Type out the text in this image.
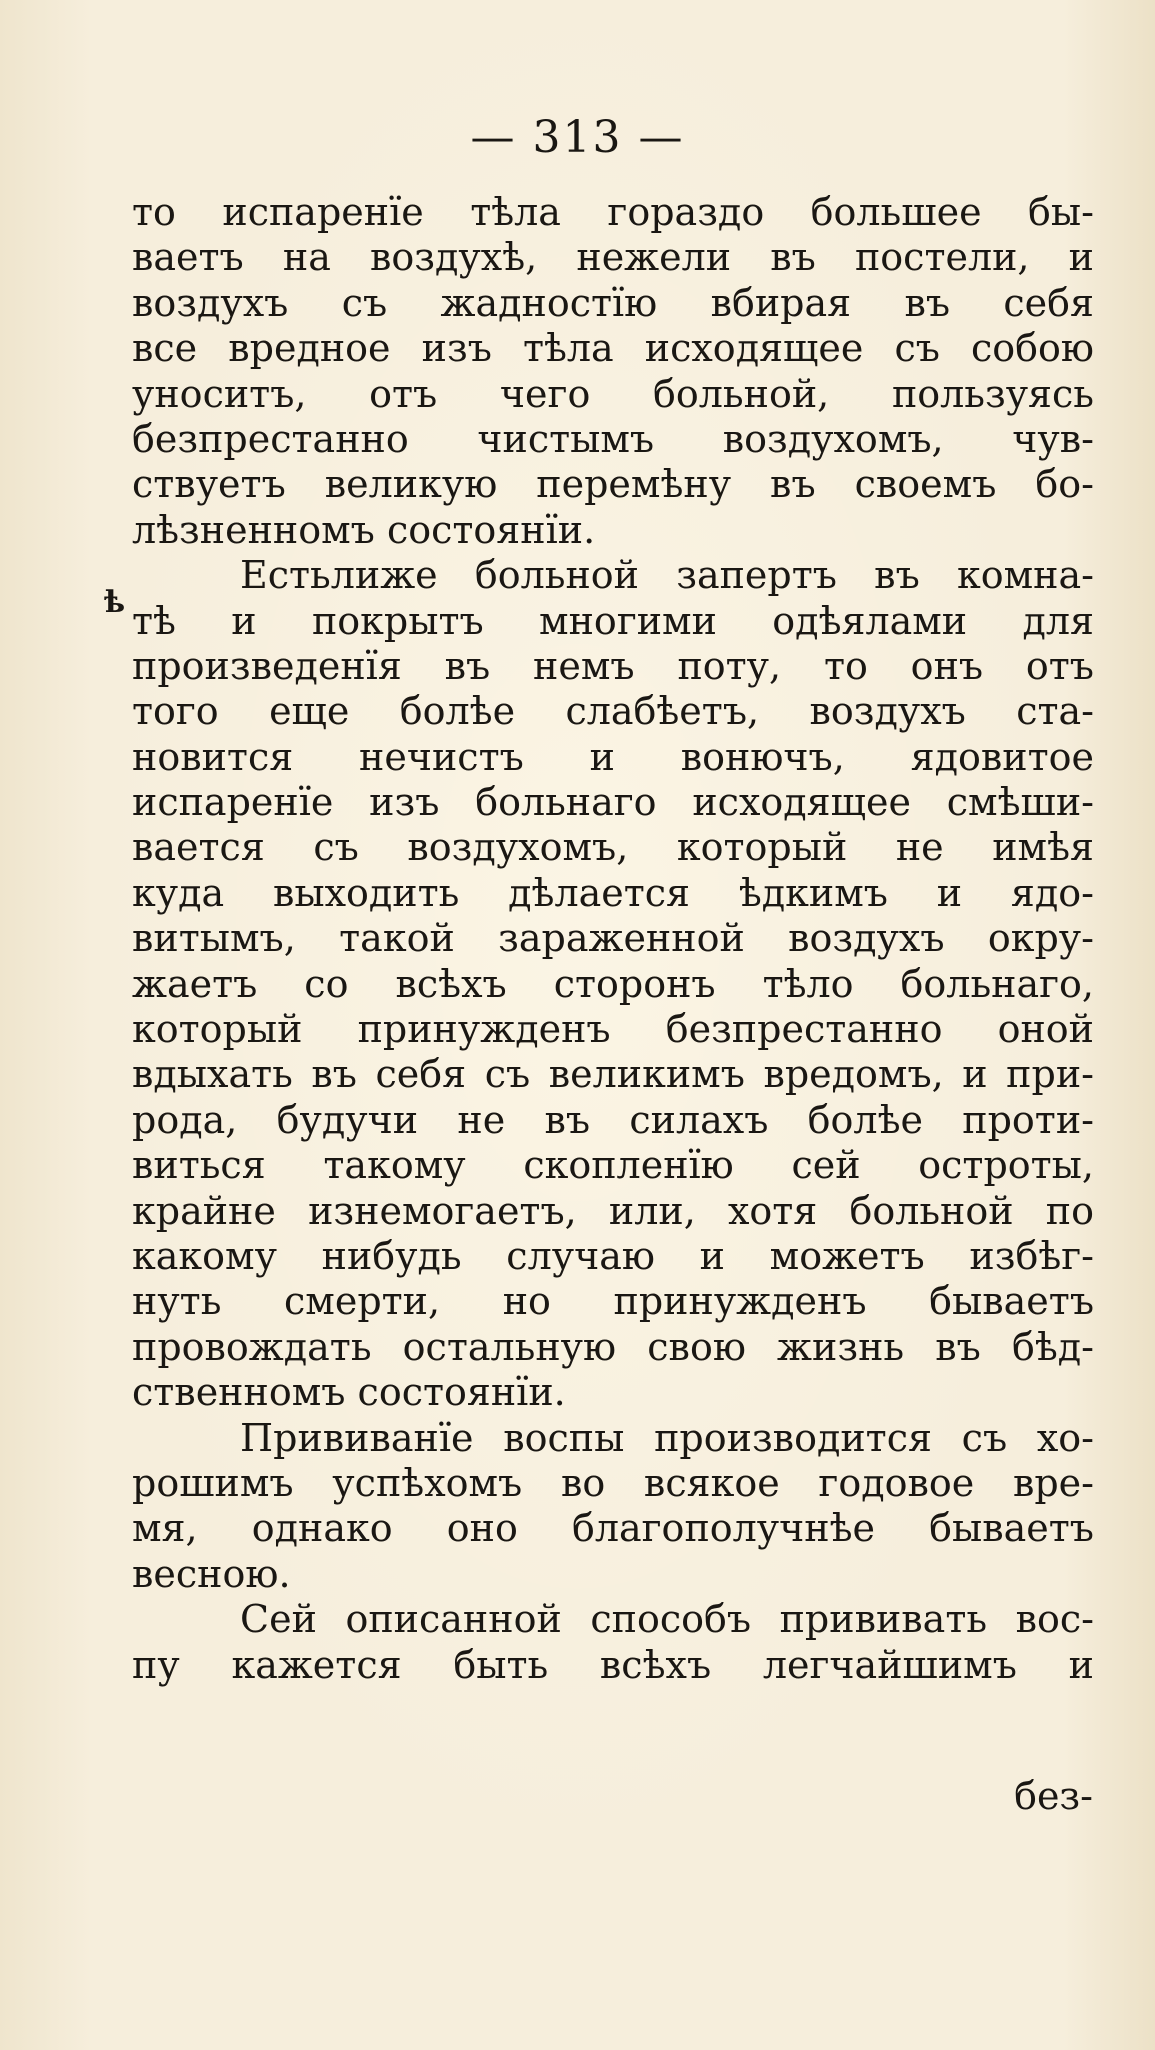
— 313 —
ѣ
то испаренїе тѣла гораздо большее бы-
ваетъ на воздухѣ, нежели въ постели, и
воздухъ съ жадностїю вбирая въ себя
все вредное изъ тѣла исходящее съ собою
уноситъ, отъ чего больной, пользуясь
безпрестанно чистымъ воздухомъ, чув-
ствуетъ великую перемѣну въ своемъ бо-
лѣзненномъ состоянїи.
Естьлиже больной запертъ въ комна-
тѣ и покрытъ многими одѣялами для
произведенїя въ немъ поту, то онъ отъ
того еще болѣе слабѣетъ, воздухъ ста-
новится нечистъ и вонючъ, ядовитое
испаренїе изъ больнаго исходящее смѣши-
вается съ воздухомъ, который не имѣя
куда выходить дѣлается ѣдкимъ и ядо-
витымъ, такой зараженной воздухъ окру-
жаетъ со всѣхъ сторонъ тѣло больнаго,
который принужденъ безпрестанно оной
вдыхать въ себя съ великимъ вредомъ, и при-
рода, будучи не въ силахъ болѣе проти-
виться такому скопленїю сей остроты,
крайне изнемогаетъ, или, хотя больной по
какому нибудь случаю и можетъ избѣг-
нуть смерти, но принужденъ бываетъ
провождать остальную свою жизнь въ бѣд-
ственномъ состоянїи.
Прививанїе воспы производится съ хо-
рошимъ успѣхомъ во всякое годовое вре-
мя, однако оно благополучнѣе бываетъ
весною.
Сей описанной способъ прививать вос-
пу кажется быть всѣхъ легчайшимъ и
без-
